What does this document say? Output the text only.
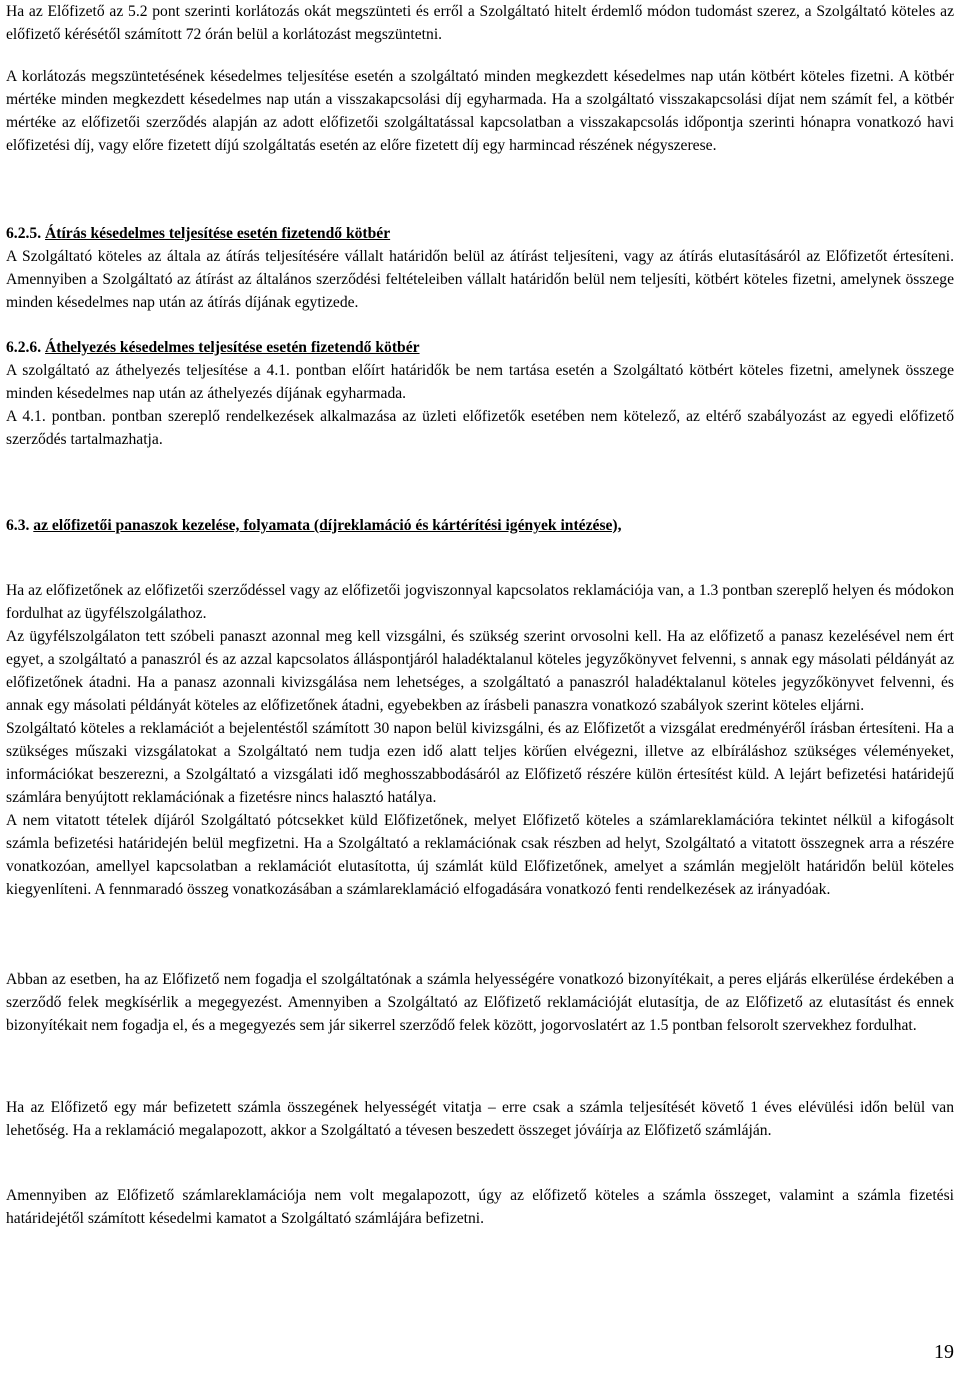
Ha az Előfizető az 5.2 pont szerinti korlátozás okát megszünteti és erről a Szolgáltató hitelt érdemlő módon tudomást szerez, a Szolgáltató köteles az előfizető kérésétől számított 72 órán belül a korlátozást megszüntetni.

A korlátozás megszüntetésének késedelmes teljesítése esetén a szolgáltató minden megkezdett késedelmes nap után kötbért köteles fizetni. A kötbér mértéke minden megkezdett késedelmes nap után a visszakapcsolási díj egyharmada. Ha a szolgáltató visszakapcsolási díjat nem számít fel, a kötbér mértéke az előfizetői szerződés alapján az adott előfizetői szolgáltatással kapcsolatban a visszakapcsolás időpontja szerinti hónapra vonatkozó havi előfizetési díj, vagy előre fizetett díjú szolgáltatás esetén az előre fizetett díj egy harmincad részének négyszerese.

6.2.5. Átírás késedelmes teljesítése esetén fizetendő kötbér

A Szolgáltató köteles az általa az átírás teljesítésére vállalt határidőn belül az átírást teljesíteni, vagy az átírás elutasításáról az Előfizetőt értesíteni. Amennyiben a Szolgáltató az átírást az általános szerződési feltételeiben vállalt határidőn belül nem teljesíti, kötbért köteles fizetni, amelynek összege minden késedelmes nap után az átírás díjának egytizede.

6.2.6. Áthelyezés késedelmes teljesítése esetén fizetendő kötbér

A szolgáltató az áthelyezés teljesítése a 4.1. pontban előírt határidők be nem tartása esetén a Szolgáltató kötbért köteles fizetni, amelynek összege minden késedelmes nap után az áthelyezés díjának egyharmada.

A 4.1. pontban. pontban szereplő rendelkezések alkalmazása az üzleti előfizetők esetében nem kötelező, az eltérő szabályozást az egyedi előfizető szerződés tartalmazhatja.

6.3. az előfizetői panaszok kezelése, folyamata (díjreklamáció és kártérítési igények intézése),

Ha az előfizetőnek az előfizetői szerződéssel vagy az előfizetői jogviszonnyal kapcsolatos reklamációja van, a 1.3 pontban szereplő helyen és módokon fordulhat az ügyfélszolgálathoz.

Az ügyfélszolgálaton tett szóbeli panaszt azonnal meg kell vizsgálni, és szükség szerint orvosolni kell. Ha az előfizető a panasz kezelésével nem ért egyet, a szolgáltató a panaszról és az azzal kapcsolatos álláspontjáról haladéktalanul köteles jegyzőkönyvet felvenni, s annak egy másolati példányát az előfizetőnek átadni. Ha a panasz azonnali kivizsgálása nem lehetséges, a szolgáltató a panaszról haladéktalanul köteles jegyzőkönyvet felvenni, és annak egy másolati példányát köteles az előfizetőnek átadni, egyebekben az írásbeli panaszra vonatkozó szabályok szerint köteles eljárni.

Szolgáltató köteles a reklamációt a bejelentéstől számított 30 napon belül kivizsgálni, és az Előfizetőt a vizsgálat eredményéről írásban értesíteni. Ha a szükséges műszaki vizsgálatokat a Szolgáltató nem tudja ezen idő alatt teljes körűen elvégezni, illetve az elbíráláshoz szükséges véleményeket, információkat beszerezni, a Szolgáltató a vizsgálati idő meghosszabbodásáról az Előfizető részére külön értesítést küld. A lejárt befizetési határidejű számlára benyújtott reklamációnak a fizetésre nincs halasztó hatálya.

A nem vitatott tételek díjáról Szolgáltató pótcsekket küld Előfizetőnek, melyet Előfizető köteles a számlareklamációra tekintet nélkül a kifogásolt számla befizetési határidején belül megfizetni. Ha a Szolgáltató a reklamációnak csak részben ad helyt, Szolgáltató a vitatott összegnek arra a részére vonatkozóan, amellyel kapcsolatban a reklamációt elutasította, új számlát küld Előfizetőnek, amelyet a számlán megjelölt határidőn belül köteles kiegyenlíteni. A fennmaradó összeg vonatkozásában a számlareklamáció elfogadására vonatkozó fenti rendelkezések az irányadóak.

Abban az esetben, ha az Előfizető nem fogadja el szolgáltatónak a számla helyességére vonatkozó bizonyítékait, a peres eljárás elkerülése érdekében a szerződő felek megkísérlik a megegyezést. Amennyiben a Szolgáltató az Előfizető reklamációját elutasítja, de az Előfizető az elutasítást és ennek bizonyítékait nem fogadja el, és a megegyezés sem jár sikerrel szerződő felek között, jogorvoslatért az 1.5 pontban felsorolt szervekhez fordulhat.

Ha az Előfizető egy már befizetett számla összegének helyességét vitatja – erre csak a számla teljesítését követő 1 éves elévülési időn belül van lehetőség. Ha a reklamáció megalapozott, akkor a Szolgáltató a tévesen beszedett összeget jóváírja az Előfizető számláján.

Amennyiben az Előfizető számlareklamációja nem volt megalapozott, úgy az előfizető köteles a számla összeget, valamint a számla fizetési határidejétől számított késedelmi kamatot a Szolgáltató számlájára befizetni.

19
